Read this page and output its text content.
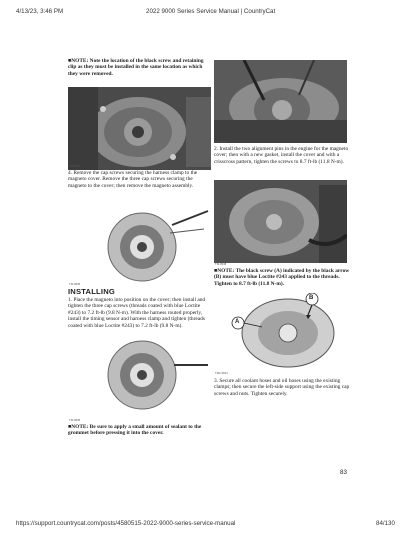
4/13/23, 3:46 PM	2022 9000 Series Service Manual | CountryCat
■NOTE: Note the location of the black screw and retaining clip as they must be installed in the same location as which they were removed.
TM-0534
4. Remove the cap screws securing the harness clamp to the magneto cover. Remove the three cap screws securing the magneto to the cover; then remove the magneto assembly.
TM-0535
INSTALLING
1. Place the magneto into position on the cover; then install and tighten the three cap screws (threads coated with blue Loctite #243) to 7.2 ft-lb (9.8 N-m). With the harness routed properly, install the timing sensor and harness clamp and tighten (threads coated with blue Loctite #243) to 7.2 ft-lb (9.8 N-m).
TM-0535
■NOTE: Be sure to apply a small amount of sealant to the grommet before pressing it into the cover.
TM-0537
2. Install the two alignment pins in the engine for the magneto cover; then with a new gasket, install the cover and with a crisscross pattern, tighten the screws to 8.7 ft-lb (11.8 N-m).
TM-0538
■NOTE: The black screw (A) indicated by the black arrow (B) must have blue Loctite #243 applied to the threads. Tighten to 8.7 ft-lb (11.8 N-m).
A
B
TM2-3814
3. Secure all coolant hoses and oil hoses using the existing clamps; then secure the left-side support using the existing cap screws and nuts. Tighten securely.
83
https://support.countrycat.com/posts/4580515-2022-9000-series-service-manual	84/130
